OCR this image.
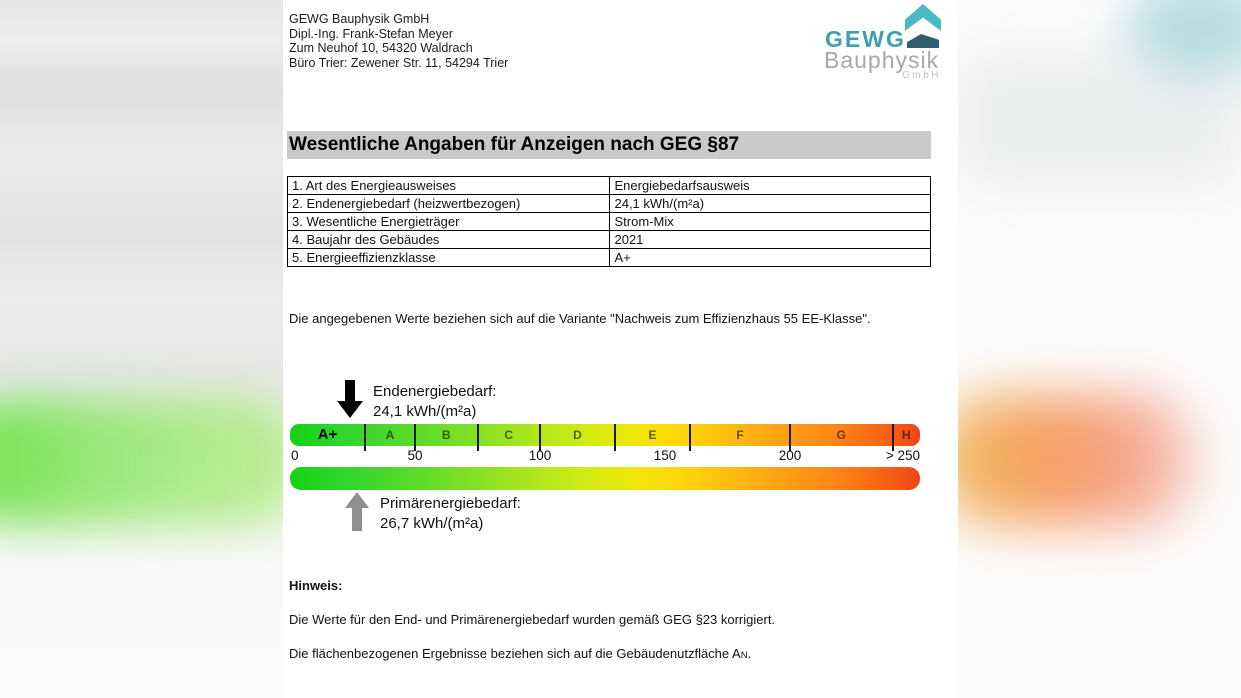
GEWG Bauphysik GmbH
Dipl.-Ing. Frank-Stefan Meyer
Zum Neuhof 10, 54320 Waldrach
Büro Trier: Zewener Str. 11, 54294 Trier
GEWG
Bauphysik
GmbH
Wesentliche Angaben für Anzeigen nach GEG §87
1. Art des Energieausweises	Energiebedarfsausweis
2. Endenergiebedarf (heizwertbezogen)	24,1 kWh/(m²a)
3. Wesentliche Energieträger	Strom-Mix
4. Baujahr des Gebäudes	2021
5. Energieeffizienzklasse	A+

Die angegebenen Werte beziehen sich auf die Variante "Nachweis zum Effizienzhaus 55 EE-Klasse".

Endenergiebedarf:
24,1 kWh/(m²a)
A+	A	B	C	D	E	F	G	H
0	50	100	150	200	> 250
Primärenergiebedarf:
26,7 kWh/(m²a)

Hinweis:

Die Werte für den End- und Primärenergiebedarf wurden gemäß GEG §23 korrigiert.

Die flächenbezogenen Ergebnisse beziehen sich auf die Gebäudenutzfläche AN.
